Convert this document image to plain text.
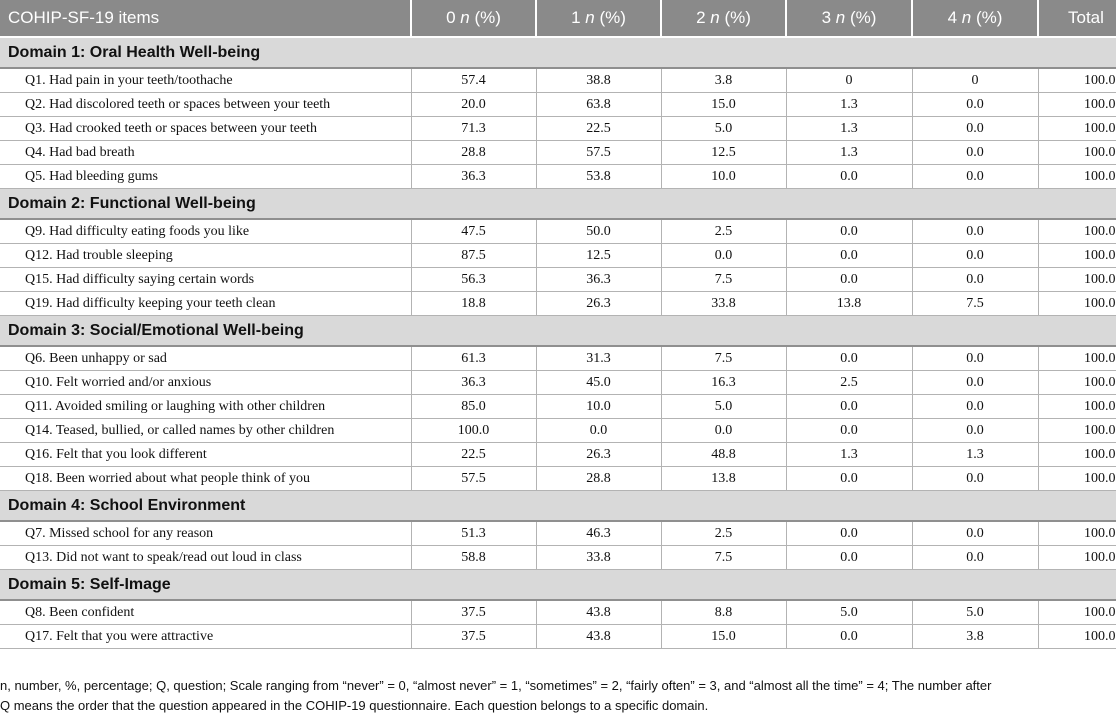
COHIP-SF-19 items	0 n (%)	1 n (%)	2 n (%)	3 n (%)	4 n (%)	Total
Domain 1: Oral Health Well-being						
Q1. Had pain in your teeth/toothache	57.4	38.8	3.8	0	0	100.0
Q2. Had discolored teeth or spaces between your teeth	20.0	63.8	15.0	1.3	0.0	100.0
Q3. Had crooked teeth or spaces between your teeth	71.3	22.5	5.0	1.3	0.0	100.0
Q4. Had bad breath	28.8	57.5	12.5	1.3	0.0	100.0
Q5. Had bleeding gums	36.3	53.8	10.0	0.0	0.0	100.0
Domain 2: Functional Well-being						
Q9. Had difficulty eating foods you like	47.5	50.0	2.5	0.0	0.0	100.0
Q12. Had trouble sleeping	87.5	12.5	0.0	0.0	0.0	100.0
Q15. Had difficulty saying certain words	56.3	36.3	7.5	0.0	0.0	100.0
Q19. Had difficulty keeping your teeth clean	18.8	26.3	33.8	13.8	7.5	100.0
Domain 3: Social/Emotional Well-being						
Q6. Been unhappy or sad	61.3	31.3	7.5	0.0	0.0	100.0
Q10. Felt worried and/or anxious	36.3	45.0	16.3	2.5	0.0	100.0
Q11. Avoided smiling or laughing with other children	85.0	10.0	5.0	0.0	0.0	100.0
Q14. Teased, bullied, or called names by other children	100.0	0.0	0.0	0.0	0.0	100.0
Q16. Felt that you look different	22.5	26.3	48.8	1.3	1.3	100.0
Q18. Been worried about what people think of you	57.5	28.8	13.8	0.0	0.0	100.0
Domain 4: School Environment						
Q7. Missed school for any reason	51.3	46.3	2.5	0.0	0.0	100.0
Q13. Did not want to speak/read out loud in class	58.8	33.8	7.5	0.0	0.0	100.0
Domain 5: Self-Image						
Q8. Been confident	37.5	43.8	8.8	5.0	5.0	100.0
Q17. Felt that you were attractive	37.5	43.8	15.0	0.0	3.8	100.0
n, number, %, percentage; Q, question; Scale ranging from “never” = 0, “almost never” = 1, “sometimes” = 2, “fairly often” = 3, and “almost all the time” = 4; The number after
Q means the order that the question appeared in the COHIP-19 questionnaire. Each question belongs to a specific domain.
